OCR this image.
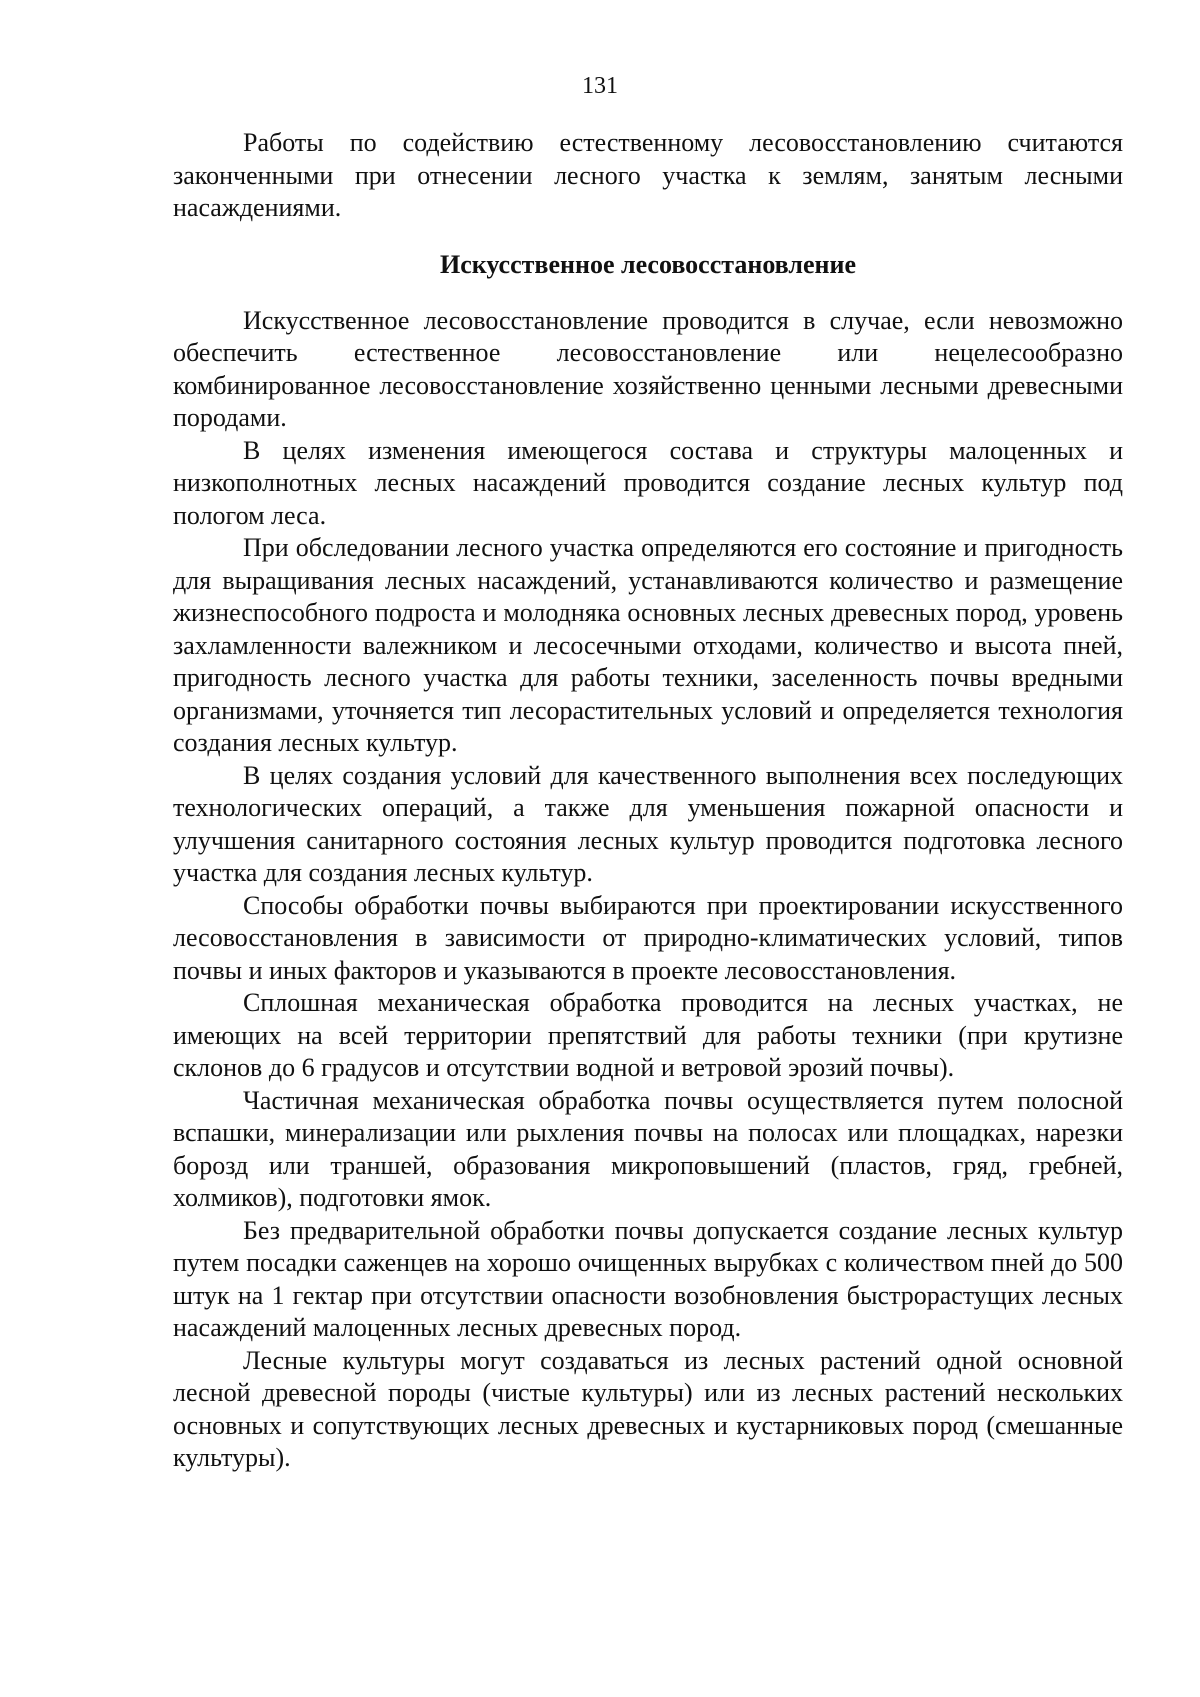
131

Работы по содействию естественному лесовосстановлению считаются законченными при отнесении лесного участка к землям, занятым лесными насаждениями.

Искусственное лесовосстановление

Искусственное лесовосстановление проводится в случае, если невозможно обеспечить естественное лесовосстановление или нецелесообразно комбинированное лесовосстановление хозяйственно ценными лесными древесными породами.

В целях изменения имеющегося состава и структуры малоценных и низкополнотных лесных насаждений проводится создание лесных культур под пологом леса.

При обследовании лесного участка определяются его состояние и пригодность для выращивания лесных насаждений, устанавливаются количество и размещение жизнеспособного подроста и молодняка основных лесных древесных пород, уровень захламленности валежником и лесосечными отходами, количество и высота пней, пригодность лесного участка для работы техники, заселенность почвы вредными организмами, уточняется тип лесорастительных условий и определяется технология создания лесных культур.

В целях создания условий для качественного выполнения всех последующих технологических операций, а также для уменьшения пожарной опасности и улучшения санитарного состояния лесных культур проводится подготовка лесного участка для создания лесных культур.

Способы обработки почвы выбираются при проектировании искусственного лесовосстановления в зависимости от природно-климатических условий, типов почвы и иных факторов и указываются в проекте лесовосстановления.

Сплошная механическая обработка проводится на лесных участках, не имеющих на всей территории препятствий для работы техники (при крутизне склонов до 6 градусов и отсутствии водной и ветровой эрозий почвы).

Частичная механическая обработка почвы осуществляется путем полосной вспашки, минерализации или рыхления почвы на полосах или площадках, нарезки борозд или траншей, образования микроповышений (пластов, гряд, гребней, холмиков), подготовки ямок.

Без предварительной обработки почвы допускается создание лесных культур путем посадки саженцев на хорошо очищенных вырубках с количеством пней до 500 штук на 1 гектар при отсутствии опасности возобновления быстрорастущих лесных насаждений малоценных лесных древесных пород.

Лесные культуры могут создаваться из лесных растений одной основной лесной древесной породы (чистые культуры) или из лесных растений нескольких основных и сопутствующих лесных древесных и кустарниковых пород (смешанные культуры).
